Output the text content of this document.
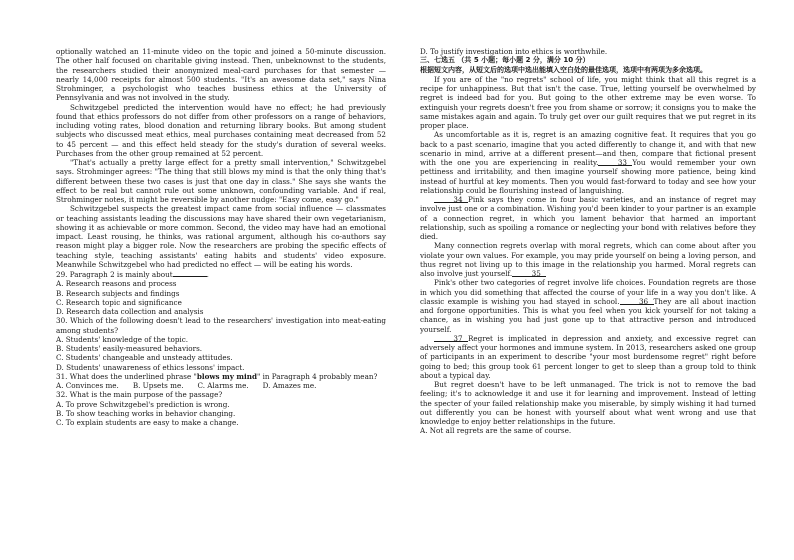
optionally watched an 11-minute video on the topic and joined a 50-minute discussion. The other half focused on charitable giving instead. Then, unbeknownst to the students, the researchers studied their anonymized meal-card purchases for that semester — nearly 14,000 receipts for almost 500 students. "It's an awesome data set," says Nina Strohminger, a psychologist who teaches business ethics at the University of Pennsylvania and was not involved in the study.

Schwitzgebel predicted the intervention would have no effect; he had previously found that ethics professors do not differ from other professors on a range of behaviors, including voting rates, blood donation and returning library books. But among student subjects who discussed meat ethics, meal purchases containing meat decreased from 52 to 45 percent — and this effect held steady for the study's duration of several weeks. Purchases from the other group remained at 52 percent.

"That's actually a pretty large effect for a pretty small intervention," Schwitzgebel says. Strohminger agrees: "The thing that still blows my mind is that the only thing that's different between these two cases is just that one day in class." She says she wants the effect to be real but cannot rule out some unknown, confounding variable. And if real, Strohminger notes, it might be reversible by another nudge: "Easy come, easy go."

Schwitzgebel suspects the greatest impact came from social influence — classmates or teaching assistants leading the discussions may have shared their own vegetarianism, showing it as achievable or more common. Second, the video may have had an emotional impact. Least rousing, he thinks, was rational argument, although his co-authors say reason might play a bigger role. Now the researchers are probing the specific effects of teaching style, teaching assistants' eating habits and students' video exposure. Meanwhile Schwitzgebel who had predicted no effect — will be eating his words.

29. Paragraph 2 is mainly about	.

A. Research reasons and process

B. Research subjects and findings

C. Research topic and significance

D. Research data collection and analysis

30. Which of the following doesn't lead to the researchers' investigation into meat-eating among students?

A. Students' knowledge of the topic.

B. Students' easily-measured behaviors.

C. Students' changeable and unsteady attitudes.

D. Students' unawareness of ethics lessons' impact.

31. What does the underlined phrase "blows my mind" in Paragraph 4 probably mean?

A. Convinces me. B. Upsets me. C. Alarms me. D. Amazes me.

32. What is the main purpose of the passage?

A. To prove Schwitzgebel's prediction is wrong.

B. To show teaching works in behavior changing.

C. To explain students are easy to make a change.

D. To justify investigation into ethics is worthwhile.

三、七选五 （共 5 小题；每小题 2 分，满分 10 分）

根据短文内容，从短文后的选项中选出能填入空白处的最佳选项，选项中有两项为多余选项。

If you are of the "no regrets" school of life, you might think that all this regret is a recipe for unhappiness. But that isn't the case. True, letting yourself be overwhelmed by regret is indeed bad for you. But going to the other extreme may be even worse. To extinguish your regrets doesn't free you from shame or sorrow; it consigns you to make the same mistakes again and again. To truly get over our guilt requires that we put regret in its proper place.

As uncomfortable as it is, regret is an amazing cognitive feat. It requires that you go back to a past scenario, imagine that you acted differently to change it, and with that new scenario in mind, arrive at a different present—and then, compare that fictional present with the one you are experiencing in reality.	33 You would remember your own pettiness and irritability, and then imagine yourself showing more patience, being kind instead of hurtful at key moments. Then you would fast-forward to today and see how your relationship could be flourishing instead of languishing.

34 Pink says they come in four basic varieties, and an instance of regret may involve just one or a combination. Wishing you'd been kinder to your partner is an example of a connection regret, in which you lament behavior that harmed an important relationship, such as spoiling a romance or neglecting your bond with relatives before they died.

Many connection regrets overlap with moral regrets, which can come about after you violate your own values. For example, you may pride yourself on being a loving person, and thus regret not living up to this image in the relationship you harmed. Moral regrets can also involve just yourself.	35

Pink's other two categories of regret involve life choices. Foundation regrets are those in which you did something that affected the course of your life in a way you don't like. A classic example is wishing you had stayed in school.	36 They are all about inaction and forgone opportunities. This is what you feel when you kick yourself for not taking a chance, as in wishing you had just gone up to that attractive person and introduced yourself.

37 Regret is implicated in depression and anxiety, and excessive regret can adversely affect your hormones and immune system. In 2013, researchers asked one group of participants in an experiment to describe "your most burdensome regret" right before going to bed; this group took 61 percent longer to get to sleep than a group told to think about a typical day.

But regret doesn't have to be left unmanaged. The trick is not to remove the bad feeling; it's to acknowledge it and use it for learning and improvement. Instead of letting the specter of your failed relationship make you miserable, by simply wishing it had turned out differently you can be honest with yourself about what went wrong and use that knowledge to enjoy better relationships in the future.

A. Not all regrets are the same of course.
